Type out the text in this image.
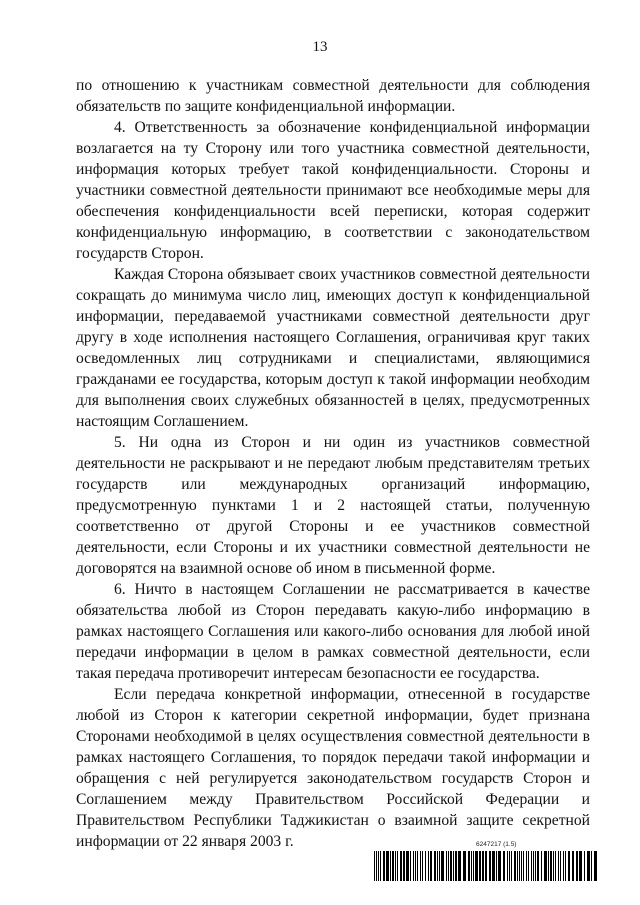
13

по отношению к участникам совместной деятельности для соблюдения обязательств по защите конфиденциальной информации.

4. Ответственность за обозначение конфиденциальной информации возлагается на ту Сторону или того участника совместной деятельности, информация которых требует такой конфиденциальности. Стороны и участники совместной деятельности принимают все необходимые меры для обеспечения конфиденциальности всей переписки, которая содержит конфиденциальную информацию, в соответствии с законодательством государств Сторон.

Каждая Сторона обязывает своих участников совместной деятельности сокращать до минимума число лиц, имеющих доступ к конфиденциальной информации, передаваемой участниками совместной деятельности друг другу в ходе исполнения настоящего Соглашения, ограничивая круг таких осведомленных лиц сотрудниками и специалистами, являющимися гражданами ее государства, которым доступ к такой информации необходим для выполнения своих служебных обязанностей в целях, предусмотренных настоящим Соглашением.

5. Ни одна из Сторон и ни один из участников совместной деятельности не раскрывают и не передают любым представителям третьих государств или международных организаций информацию, предусмотренную пунктами 1 и 2 настоящей статьи, полученную соответственно от другой Стороны и ее участников совместной деятельности, если Стороны и их участники совместной деятельности не договорятся на взаимной основе об ином в письменной форме.

6. Ничто в настоящем Соглашении не рассматривается в качестве обязательства любой из Сторон передавать какую-либо информацию в рамках настоящего Соглашения или какого-либо основания для любой иной передачи информации в целом в рамках совместной деятельности, если такая передача противоречит интересам безопасности ее государства.

Если передача конкретной информации, отнесенной в государстве любой из Сторон к категории секретной информации, будет признана Сторонами необходимой в целях осуществления совместной деятельности в рамках настоящего Соглашения, то порядок передачи такой информации и обращения с ней регулируется законодательством государств Сторон и Соглашением между Правительством Российской Федерации и Правительством Республики Таджикистан о взаимной защите секретной информации от 22 января 2003 г.	6247217 (1.5)
